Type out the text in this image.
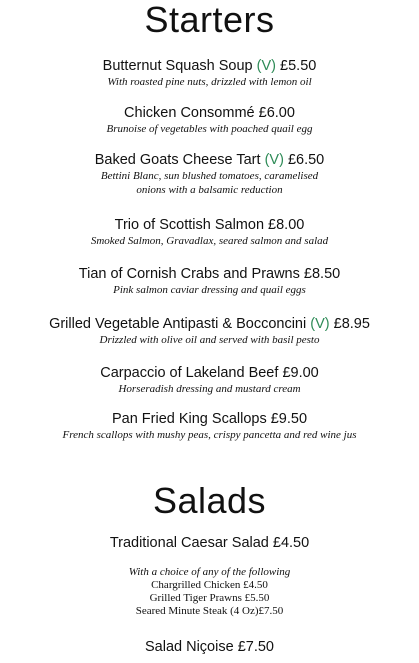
Starters
Butternut Squash Soup (V) £5.50
With roasted pine nuts, drizzled with lemon oil
Chicken Consommé £6.00
Brunoise of vegetables with poached quail egg
Baked Goats Cheese Tart (V) £6.50
Bettini Blanc, sun blushed tomatoes, caramelised
onions with a balsamic reduction
Trio of Scottish Salmon £8.00
Smoked Salmon, Gravadlax, seared salmon and salad
Tian of Cornish Crabs and Prawns £8.50
Pink salmon caviar dressing and quail eggs
Grilled Vegetable Antipasti & Bocconcini (V) £8.95
Drizzled with olive oil and served with basil pesto
Carpaccio of Lakeland Beef £9.00
Horseradish dressing and mustard cream
Pan Fried King Scallops £9.50
French scallops with mushy peas, crispy pancetta and red wine jus
Salads
Traditional Caesar Salad £4.50
With a choice of any of the following
Chargrilled Chicken £4.50
Grilled Tiger Prawns £5.50
Seared Minute Steak (4 Oz)£7.50
Salad Niçoise £7.50
